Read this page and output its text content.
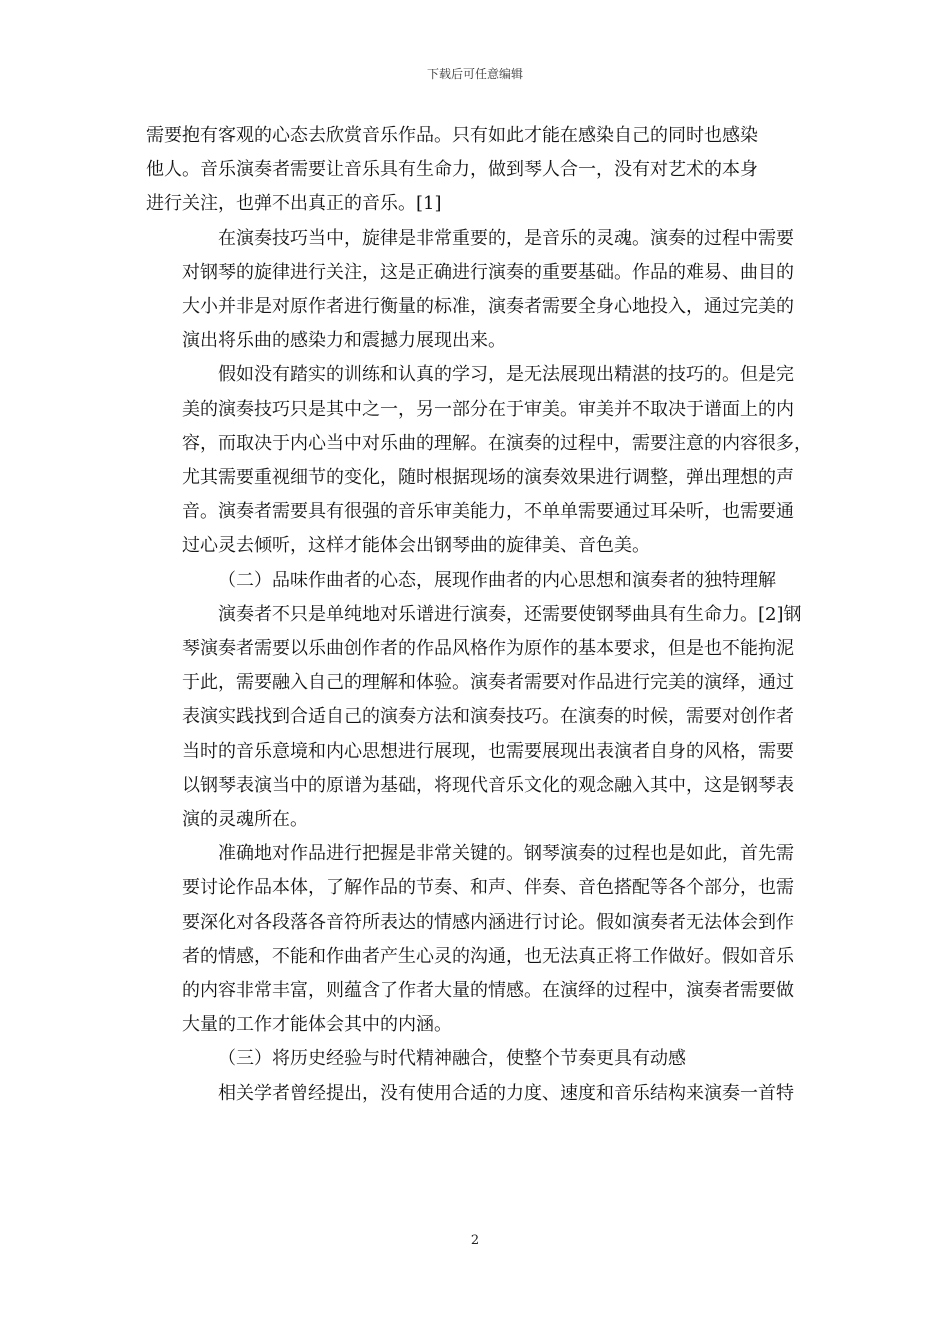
下载后可任意编辑
需要抱有客观的心态去欣赏音乐作品。只有如此才能在感染自己的同时也感染
他人。音乐演奏者需要让音乐具有生命力，做到琴人合一，没有对艺术的本身
进行关注，也弹不出真正的音乐。[1]
在演奏技巧当中，旋律是非常重要的，是音乐的灵魂。演奏的过程中需要
对钢琴的旋律进行关注，这是正确进行演奏的重要基础。作品的难易、曲目的
大小并非是对原作者进行衡量的标准，演奏者需要全身心地投入，通过完美的
演出将乐曲的感染力和震撼力展现出来。
假如没有踏实的训练和认真的学习，是无法展现出精湛的技巧的。但是完
美的演奏技巧只是其中之一，另一部分在于审美。审美并不取决于谱面上的内
容，而取决于内心当中对乐曲的理解。在演奏的过程中，需要注意的内容很多，
尤其需要重视细节的变化，随时根据现场的演奏效果进行调整，弹出理想的声
音。演奏者需要具有很强的音乐审美能力，不单单需要通过耳朵听，也需要通
过心灵去倾听，这样才能体会出钢琴曲的旋律美、音色美。
（二）品味作曲者的心态，展现作曲者的内心思想和演奏者的独特理解
演奏者不只是单纯地对乐谱进行演奏，还需要使钢琴曲具有生命力。[2]钢
琴演奏者需要以乐曲创作者的作品风格作为原作的基本要求，但是也不能拘泥
于此，需要融入自己的理解和体验。演奏者需要对作品进行完美的演绎，通过
表演实践找到合适自己的演奏方法和演奏技巧。在演奏的时候，需要对创作者
当时的音乐意境和内心思想进行展现，也需要展现出表演者自身的风格，需要
以钢琴表演当中的原谱为基础，将现代音乐文化的观念融入其中，这是钢琴表
演的灵魂所在。
准确地对作品进行把握是非常关键的。钢琴演奏的过程也是如此，首先需
要讨论作品本体，了解作品的节奏、和声、伴奏、音色搭配等各个部分，也需
要深化对各段落各音符所表达的情感内涵进行讨论。假如演奏者无法体会到作
者的情感，不能和作曲者产生心灵的沟通，也无法真正将工作做好。假如音乐
的内容非常丰富，则蕴含了作者大量的情感。在演绎的过程中，演奏者需要做
大量的工作才能体会其中的内涵。
（三）将历史经验与时代精神融合，使整个节奏更具有动感
相关学者曾经提出，没有使用合适的力度、速度和音乐结构来演奏一首特
2
